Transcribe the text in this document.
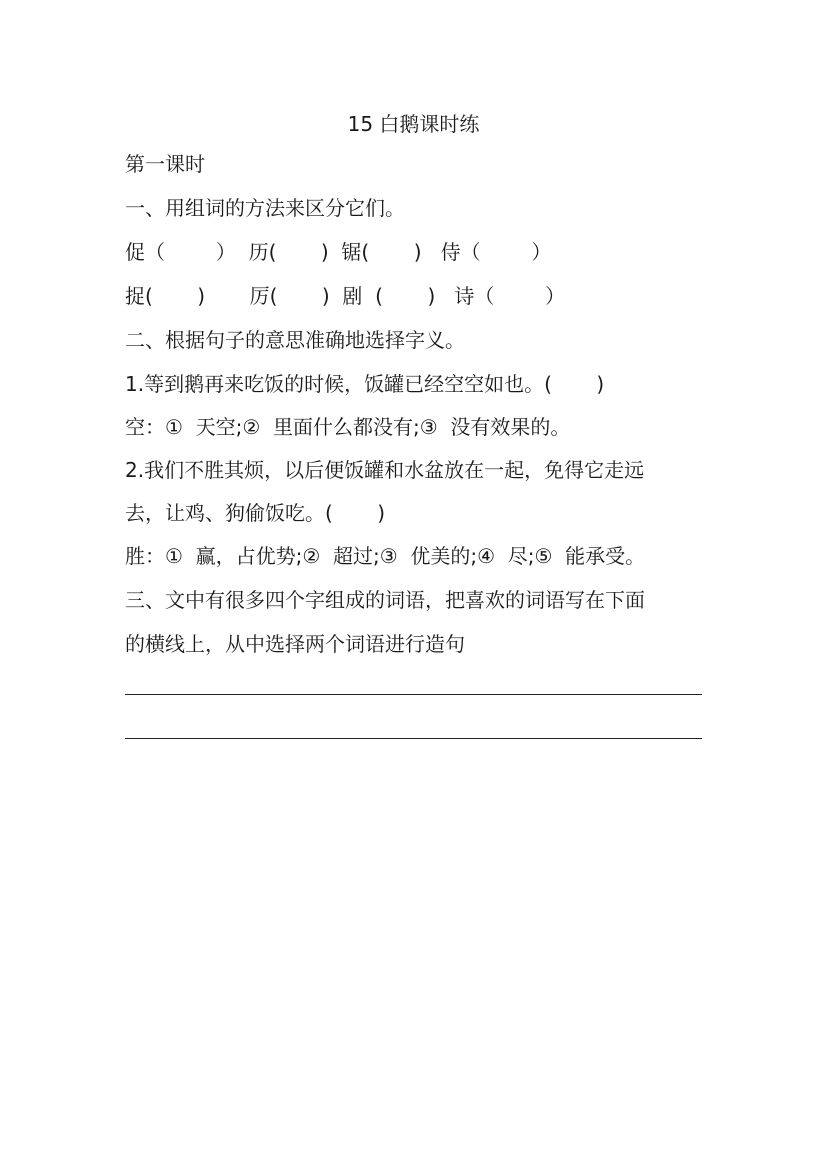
15 白鹅课时练
第一课时
一、用组词的方法来区分它们。
促（        ）  历(       )  锯(       )   侍（        ）
捉(       )       厉(       )  剧  (       )   诗（        ）
二、根据句子的意思准确地选择字义。
1.等到鹅再来吃饭的时候，饭罐已经空空如也。(       )
空：①  天空;②  里面什么都没有;③  没有效果的。
2.我们不胜其烦，以后便饭罐和水盆放在一起，免得它走远
去，让鸡、狗偷饭吃。(       )
胜：①  赢，占优势;②  超过;③  优美的;④  尽;⑤  能承受。
三、文中有很多四个字组成的词语，把喜欢的词语写在下面
的横线上，从中选择两个词语进行造句
